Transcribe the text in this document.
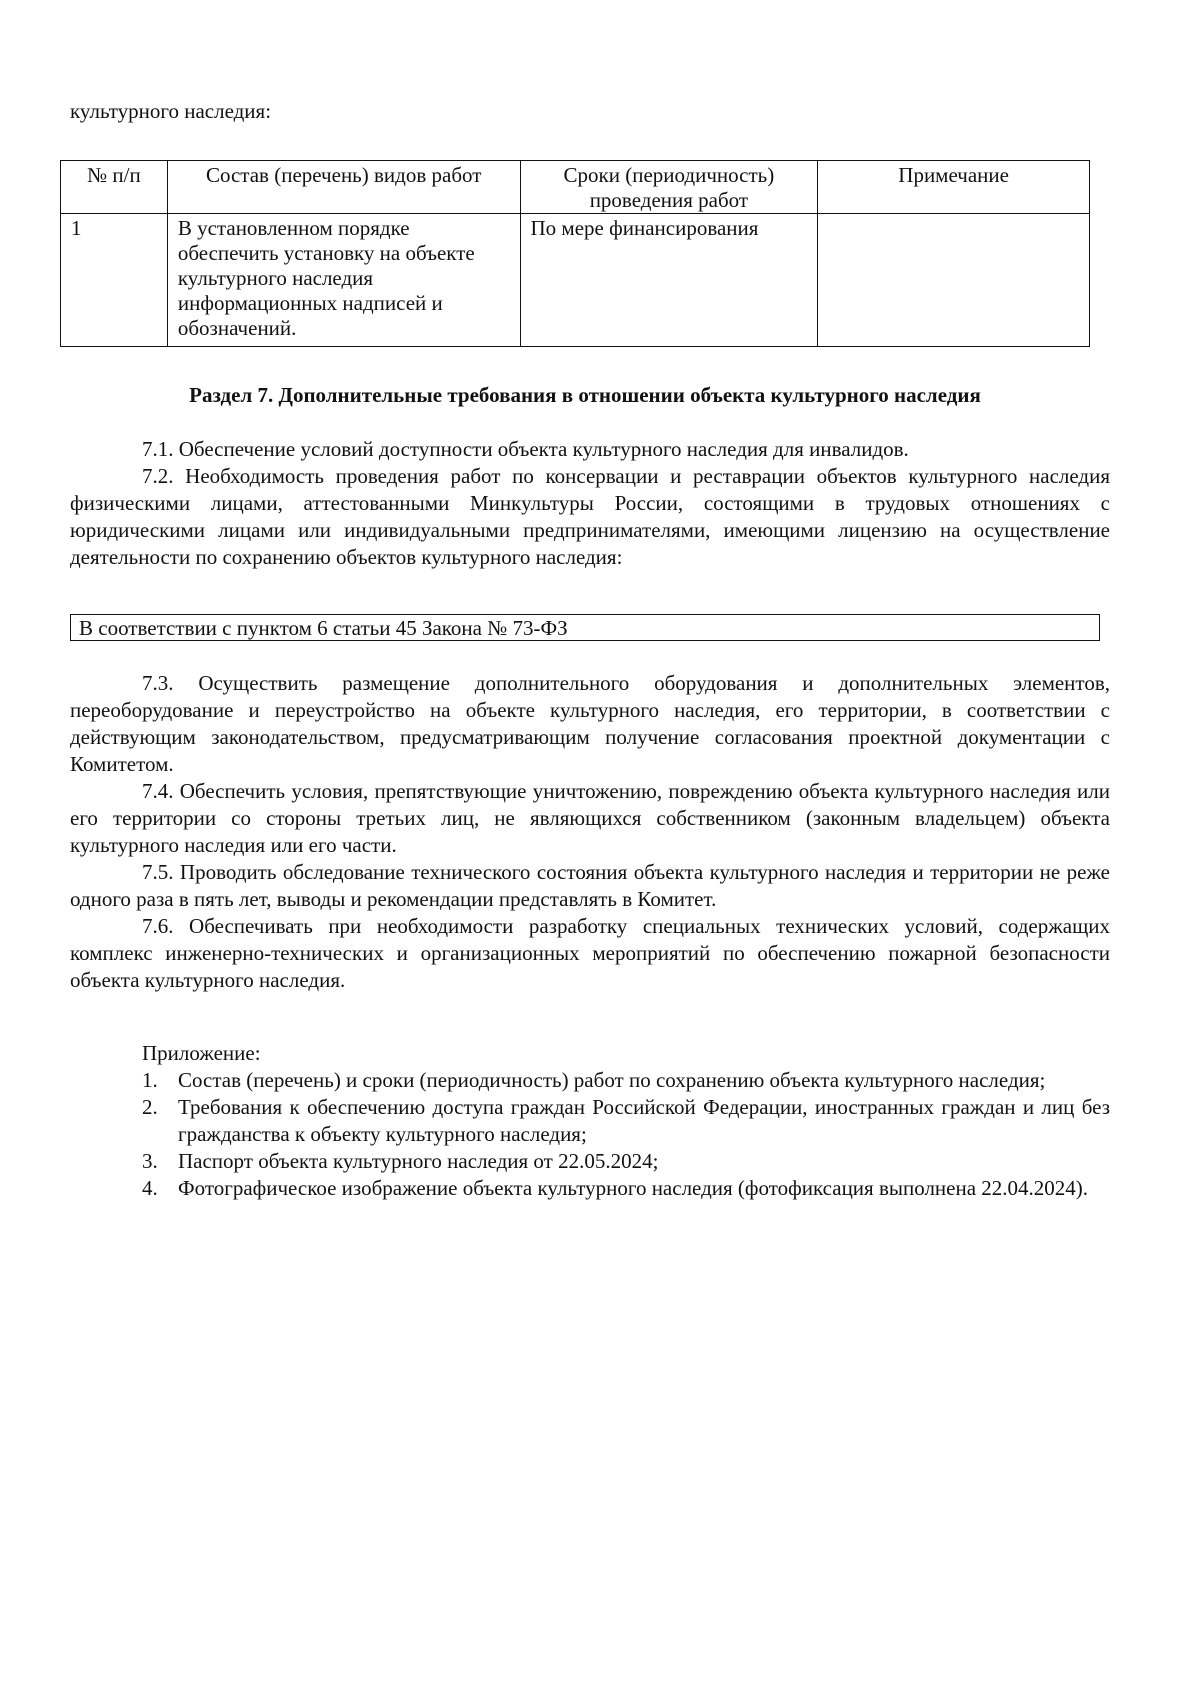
культурного наследия:

№ п/п	Состав (перечень) видов работ	Сроки (периодичность) проведения работ	Примечание
1	В установленном порядке обеспечить установку на объекте культурного наследия информационных надписей и обозначений.	По мере финансирования	
Раздел 7. Дополнительные требования в отношении объекта культурного наследия

7.1. Обеспечение условий доступности объекта культурного наследия для инвалидов.

7.2. Необходимость проведения работ по консервации и реставрации объектов культурного наследия физическими лицами, аттестованными Минкультуры России, состоящими в трудовых отношениях с юридическими лицами или индивидуальными предпринимателями, имеющими лицензию на осуществление деятельности по сохранению объектов культурного наследия:

В соответствии с пунктом 6 статьи 45 Закона № 73-ФЗ

7.3. Осуществить размещение дополнительного оборудования и дополнительных элементов, переоборудование и переустройство на объекте культурного наследия, его территории, в соответствии с действующим законодательством, предусматривающим получение согласования проектной документации с Комитетом.

7.4. Обеспечить условия, препятствующие уничтожению, повреждению объекта культурного наследия или его территории со стороны третьих лиц, не являющихся собственником (законным владельцем) объекта культурного наследия или его части.

7.5. Проводить обследование технического состояния объекта культурного наследия и территории не реже одного раза в пять лет, выводы и рекомендации представлять в Комитет.

7.6. Обеспечивать при необходимости разработку специальных технических условий, содержащих комплекс инженерно-технических и организационных мероприятий по обеспечению пожарной безопасности объекта культурного наследия.

Приложение:

1. Состав (перечень) и сроки (периодичность) работ по сохранению объекта культурного наследия;
2. Требования к обеспечению доступа граждан Российской Федерации, иностранных граждан и лиц без гражданства к объекту культурного наследия;
3. Паспорт объекта культурного наследия от 22.05.2024;
4. Фотографическое изображение объекта культурного наследия (фотофиксация выполнена 22.04.2024).
